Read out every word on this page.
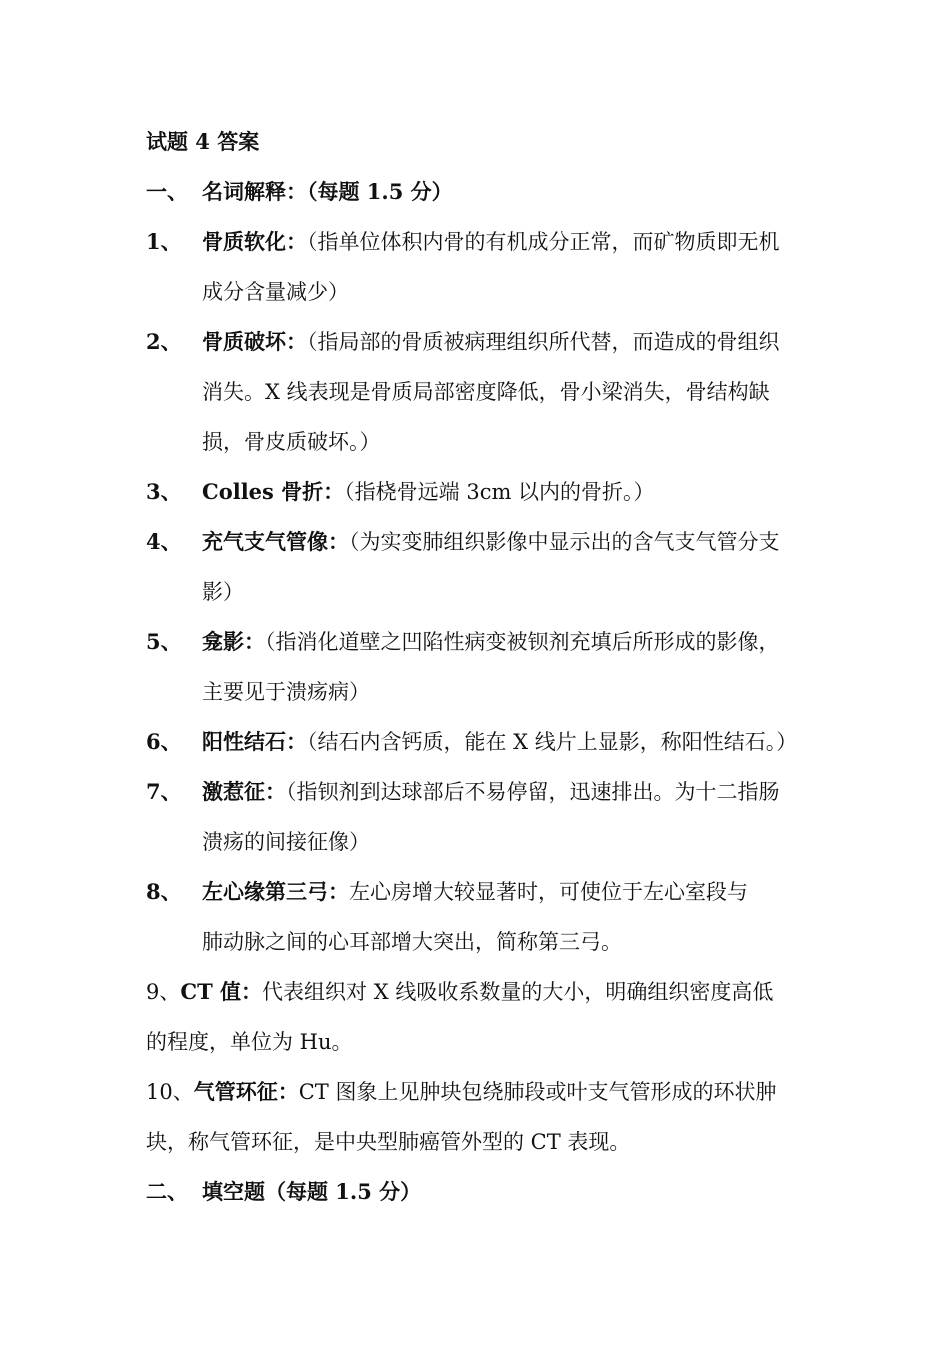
试题 4 答案
一、 名词解释：（每题 1.5 分）
1、 骨质软化：（指单位体积内骨的有机成分正常，而矿物质即无机
成分含量减少）
2、 骨质破坏：（指局部的骨质被病理组织所代替，而造成的骨组织
消失。X 线表现是骨质局部密度降低，骨小梁消失，骨结构缺
损，骨皮质破坏。）
3、 Colles 骨折：（指桡骨远端 3cm 以内的骨折。）
4、 充气支气管像：（为实变肺组织影像中显示出的含气支气管分支
影）
5、 龛影：（指消化道壁之凹陷性病变被钡剂充填后所形成的影像，
主要见于溃疡病）
6、 阳性结石：（结石内含钙质，能在 X 线片上显影，称阳性结石。）
7、 激惹征：（指钡剂到达球部后不易停留，迅速排出。为十二指肠
溃疡的间接征像）
8、 左心缘第三弓：左心房增大较显著时，可使位于左心室段与
肺动脉之间的心耳部增大突出，简称第三弓。
9、CT 值：代表组织对 X 线吸收系数量的大小，明确组织密度高低
的程度，单位为 Hu。
10、气管环征：CT 图象上见肿块包绕肺段或叶支气管形成的环状肿
块，称气管环征，是中央型肺癌管外型的 CT 表现。
二、 填空题（每题 1.5 分）
